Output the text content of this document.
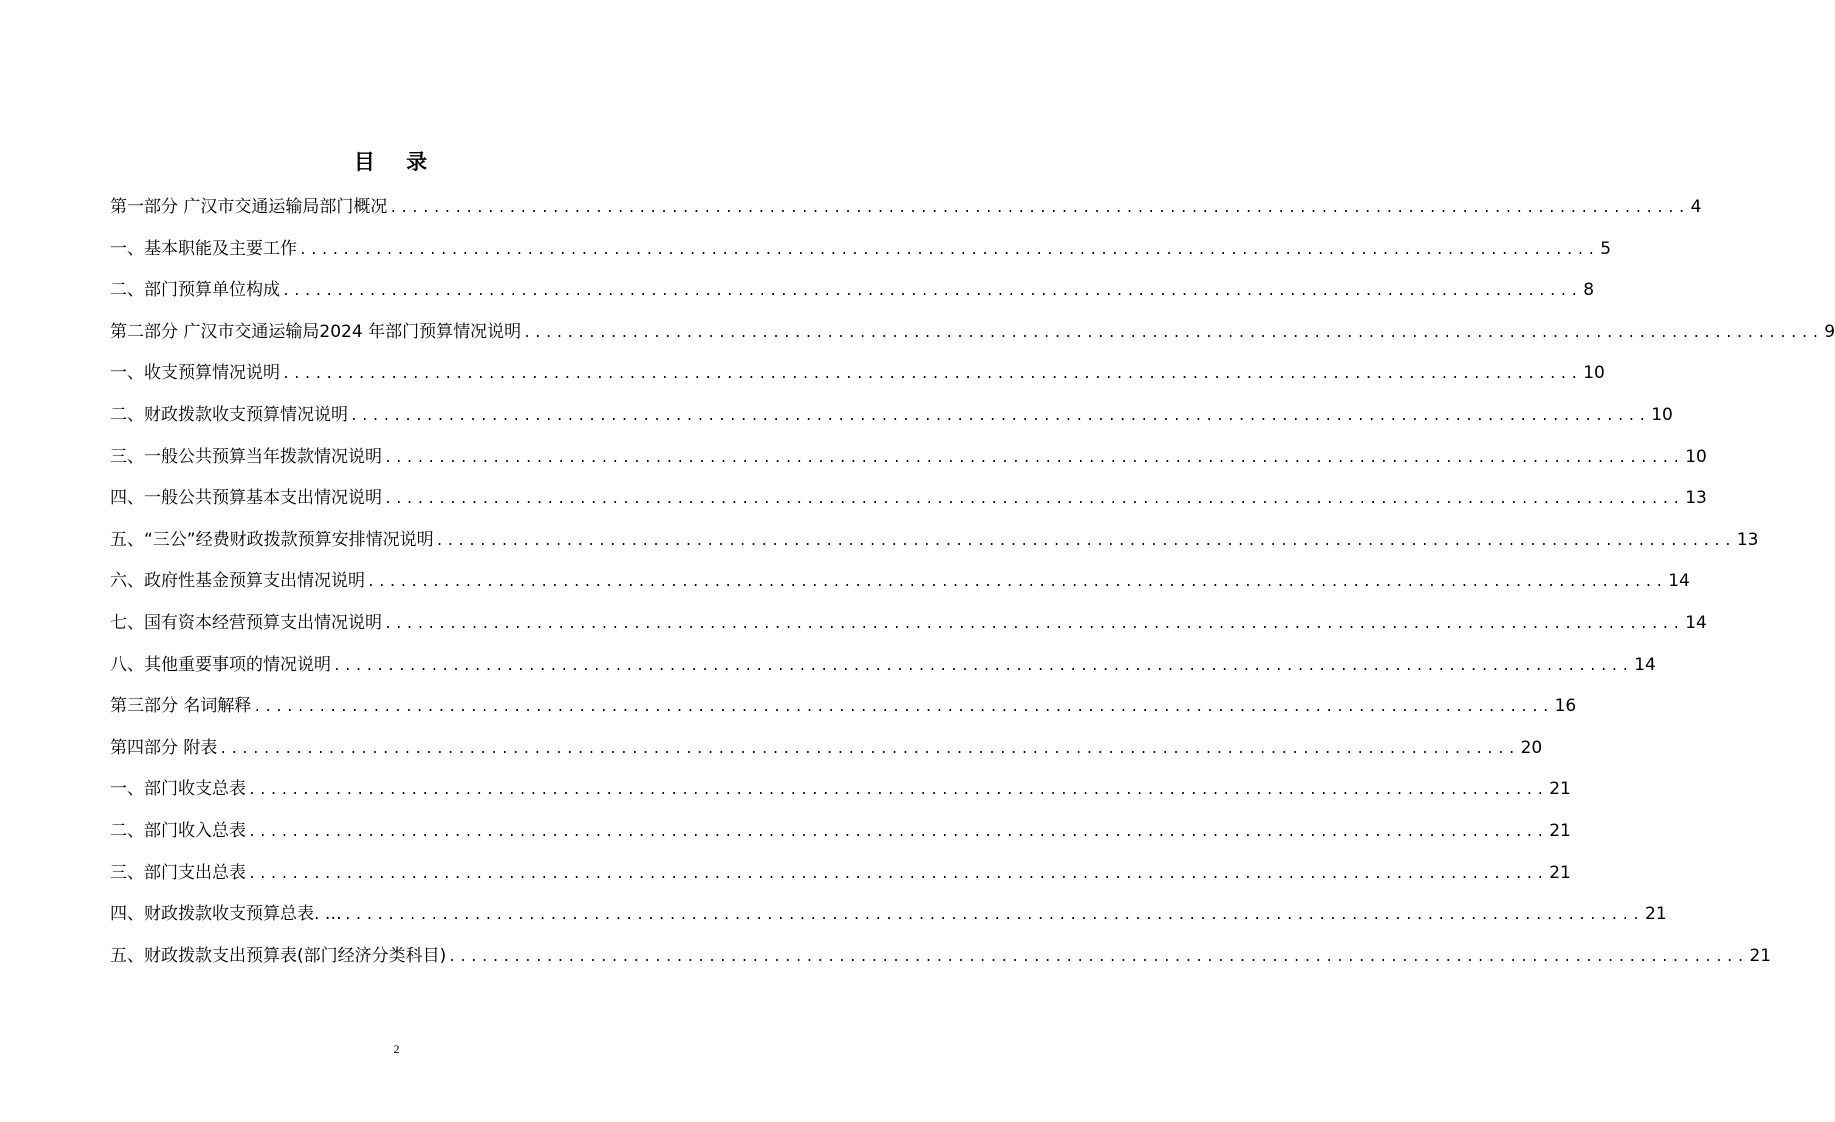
目 录
第一部分 广汉市交通运输局部门概况 ........................................................................................................................ 4
一、基本职能及主要工作 ........................................................................................................................ 5
二、部门预算单位构成 ........................................................................................................................ 8
第二部分 广汉市交通运输局2024 年部门预算情况说明 ........................................................................................................................ 9
一、收支预算情况说明 ........................................................................................................................ 10
二、财政拨款收支预算情况说明 ........................................................................................................................ 10
三、一般公共预算当年拨款情况说明 ........................................................................................................................ 10
四、一般公共预算基本支出情况说明 ........................................................................................................................ 13
五、“三公”经费财政拨款预算安排情况说明 ........................................................................................................................ 13
六、政府性基金预算支出情况说明 ........................................................................................................................ 14
七、国有资本经营预算支出情况说明 ........................................................................................................................ 14
八、其他重要事项的情况说明 ........................................................................................................................ 14
第三部分 名词解释 ........................................................................................................................ 16
第四部分 附表 ........................................................................................................................ 20
一、部门收支总表 ........................................................................................................................ 21
二、部门收入总表 ........................................................................................................................ 21
三、部门支出总表 ........................................................................................................................ 21
四、财政拨款收支预算总表. … ........................................................................................................................ 21
五、财政拨款支出预算表(部门经济分类科目) ........................................................................................................................ 21
2
